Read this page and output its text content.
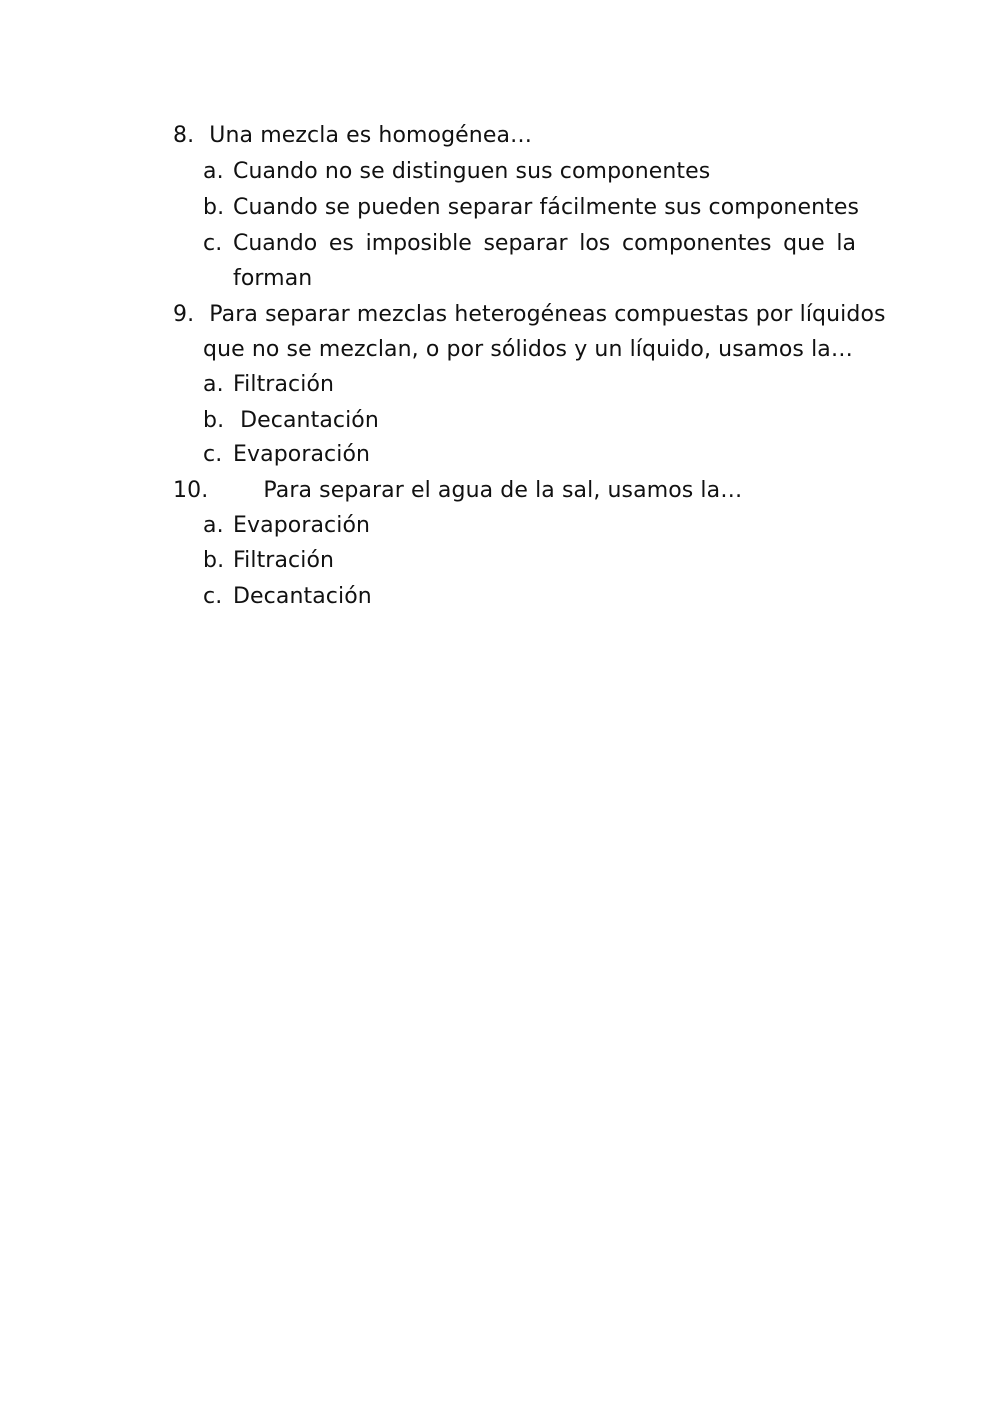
8. Una mezcla es homogénea…
a. Cuando no se distinguen sus componentes
b. Cuando se pueden separar fácilmente sus componentes
c. Cuando es imposible separar los componentes que la
forman
9. Para separar mezclas heterogéneas compuestas por líquidos
que no se mezclan, o por sólidos y un líquido, usamos la…
a. Filtración
b. Decantación
c. Evaporación
10.	Para separar el agua de la sal, usamos la…
a. Evaporación
b. Filtración
c. Decantación
